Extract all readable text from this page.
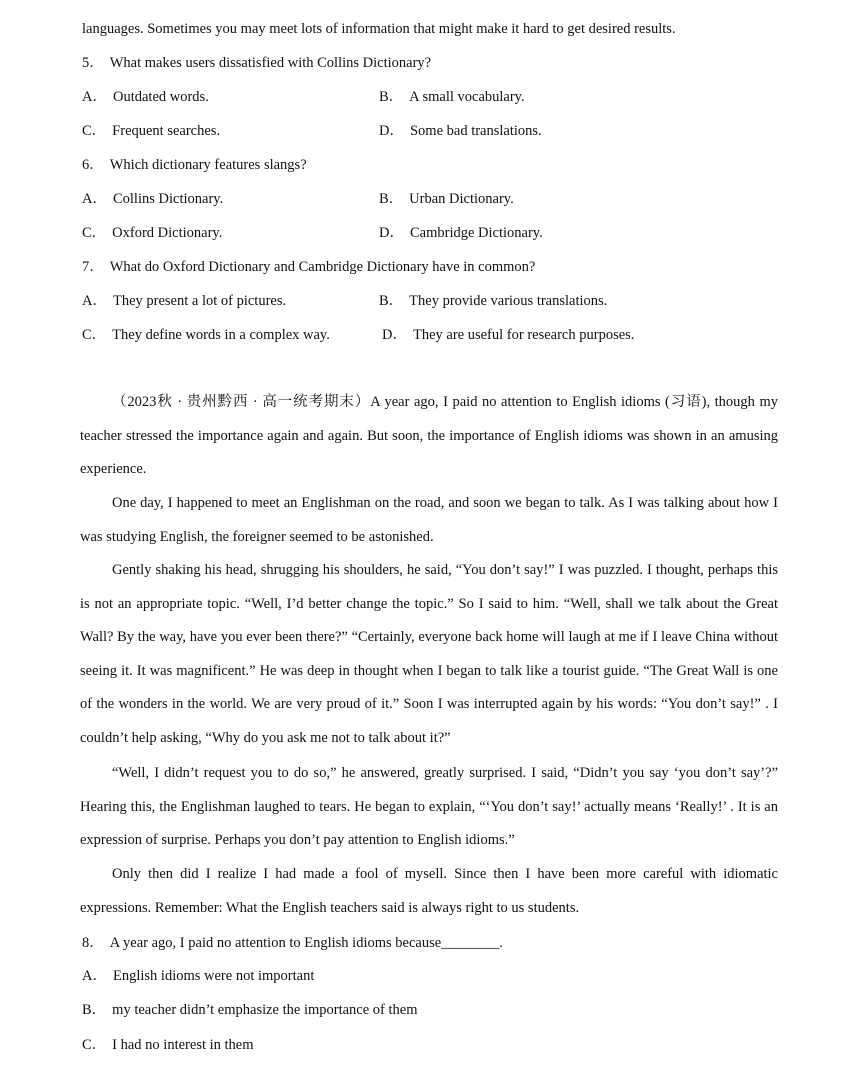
languages. Sometimes you may meet lots of information that might make it hard to get desired results.
5． What makes users dissatisfied with Collins Dictionary?
A． Outdated words.	B． A small vocabulary.
C． Frequent searches.	D． Some bad translations.
6． Which dictionary features slangs?
A． Collins Dictionary.	B． Urban Dictionary.
C． Oxford Dictionary.	D． Cambridge Dictionary.
7． What do Oxford Dictionary and Cambridge Dictionary have in common?
A． They present a lot of pictures.	B． They provide various translations.
C． They define words in a complex way.	D． They are useful for research purposes.
（2023秋 · 贵州黔西 · 高一统考期末）A year ago, I paid no attention to English idioms (习语), though my teacher stressed the importance again and again. But soon, the importance of English idioms was shown in an amusing experience.
One day, I happened to meet an Englishman on the road, and soon we began to talk. As I was talking about how I was studying English, the foreigner seemed to be astonished.
Gently shaking his head, shrugging his shoulders, he said, “You don’t say!” I was puzzled. I thought, perhaps this is not an appropriate topic. “Well, I’d better change the topic.” So I said to him. “Well, shall we talk about the Great Wall? By the way, have you ever been there?” “Certainly, everyone back home will laugh at me if I leave China without seeing it. It was magnificent.” He was deep in thought when I began to talk like a tourist guide. “The Great Wall is one of the wonders in the world. We are very proud of it.” Soon I was interrupted again by his words: “You don’t say!” . I couldn’t help asking, “Why do you ask me not to talk about it?”
“Well, I didn’t request you to do so,” he answered, greatly surprised. I said, “Didn’t you say ‘you don’t say’?” Hearing this, the Englishman laughed to tears. He began to explain, “‘You don’t say!’ actually means ‘Really!’ . It is an expression of surprise. Perhaps you don’t pay attention to English idioms.”
Only then did I realize I had made a fool of mysell. Since then I have been more careful with idiomatic expressions. Remember: What the English teachers said is always right to us students.
8． A year ago, I paid no attention to English idioms because________.
A． English idioms were not important
B． my teacher didn’t emphasize the importance of them
C． I had no interest in them
